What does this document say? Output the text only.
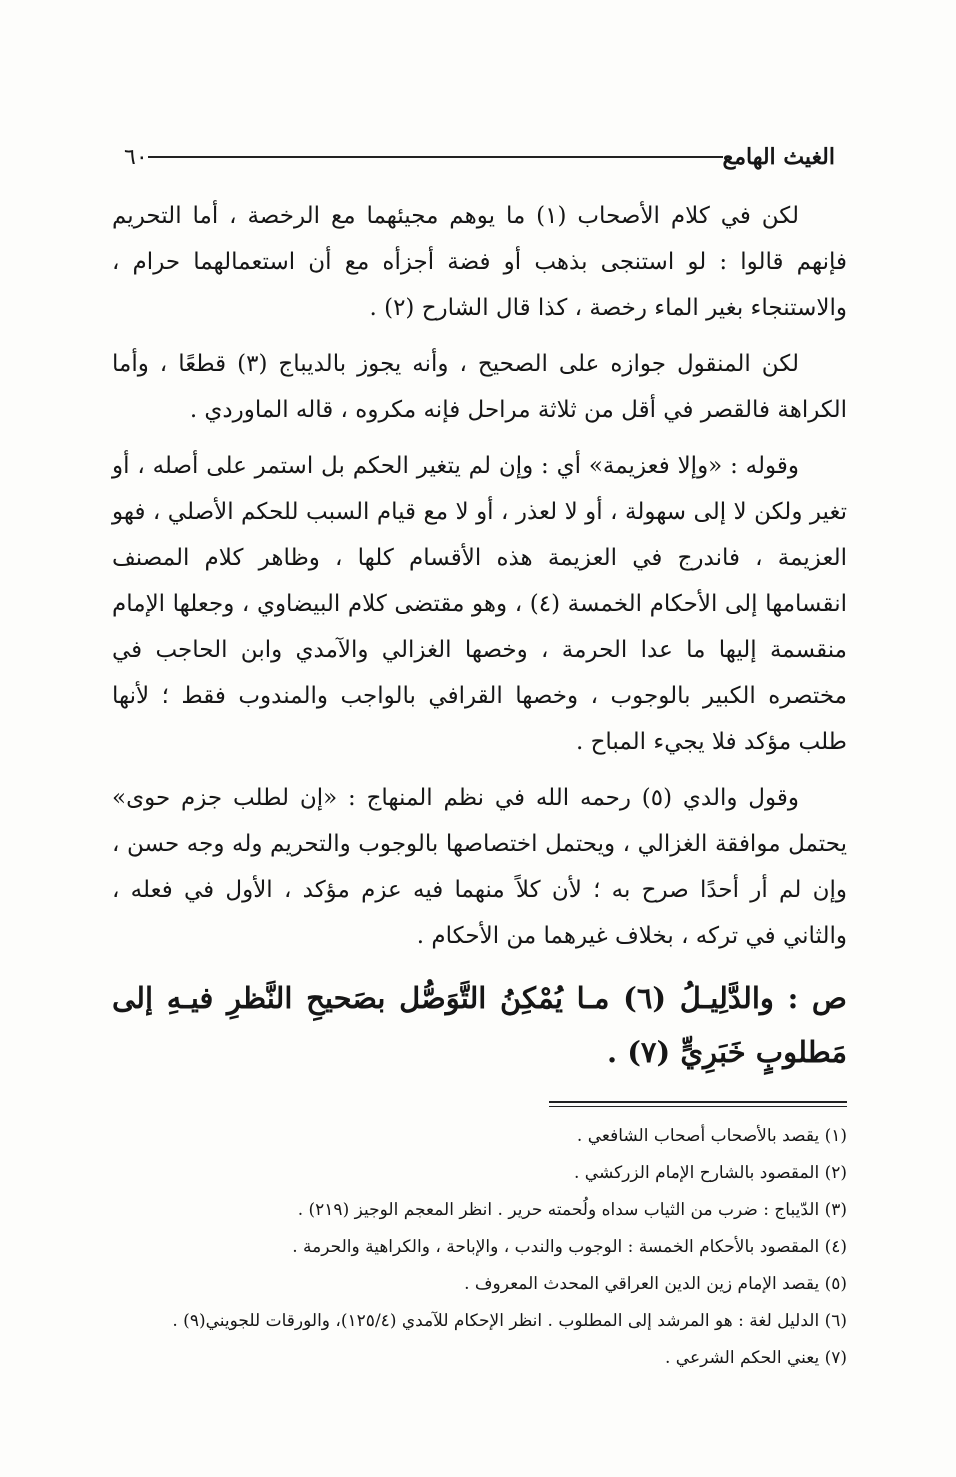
الغيث الهامع
٦٠

لكن في كلام الأصحاب (١) ما يوهم مجيئهما مع الرخصة ، أما التحريم فإنهم قالوا : لو استنجى بذهب أو فضة أجزأه مع أن استعمالهما حرام ، والاستنجاء بغير الماء رخصة ، كذا قال الشارح (٢) .

لكن المنقول جوازه على الصحيح ، وأنه يجوز بالديباج (٣) قطعًا ، وأما الكراهة فالقصر في أقل من ثلاثة مراحل فإنه مكروه ، قاله الماوردي .

وقوله : «وإلا فعزيمة» أي : وإن لم يتغير الحكم بل استمر على أصله ، أو تغير ولكن لا إلى سهولة ، أو لا لعذر ، أو لا مع قيام السبب للحكم الأصلي ، فهو العزيمة ، فاندرج في العزيمة هذه الأقسام كلها ، وظاهر كلام المصنف انقسامها إلى الأحكام الخمسة (٤) ، وهو مقتضى كلام البيضاوي ، وجعلها الإمام منقسمة إليها ما عدا الحرمة ، وخصها الغزالي والآمدي وابن الحاجب في مختصره الكبير بالوجوب ، وخصها القرافي بالواجب والمندوب فقط ؛ لأنها طلب مؤكد فلا يجيء المباح .

وقول والدي (٥) رحمه الله في نظم المنهاج : «إن لطلب جزم حوى» يحتمل موافقة الغزالي ، ويحتمل اختصاصها بالوجوب والتحريم وله وجه حسن ، وإن لم أر أحدًا صرح به ؛ لأن كلاً منهما فيه عزم مؤكد ، الأول في فعله ، والثاني في تركه ، بخلاف غيرهما من الأحكام .

ص : والدَّلِيـلُ (٦) مـا يُمْكِنُ التَّوَصُّل بصَحيحِ النَّظرِ فيـهِ إلى مَطلوبٍ خَبَرِيٍّ (٧) .

(١) يقصد بالأصحاب أصحاب الشافعي .
(٢) المقصود بالشارح الإمام الزركشي .
(٣) الدّيباج : ضرب من الثياب سداه ولُحمته حرير . انظر المعجم الوجيز (٢١٩) .
(٤) المقصود بالأحكام الخمسة : الوجوب والندب ، والإباحة ، والكراهية والحرمة .
(٥) يقصد الإمام زين الدين العراقي المحدث المعروف .
(٦) الدليل لغة : هو المرشد إلى المطلوب . انظر الإحكام للآمدي (١٢٥/٤)، والورقات للجويني(٩) .
(٧) يعني الحكم الشرعي .
